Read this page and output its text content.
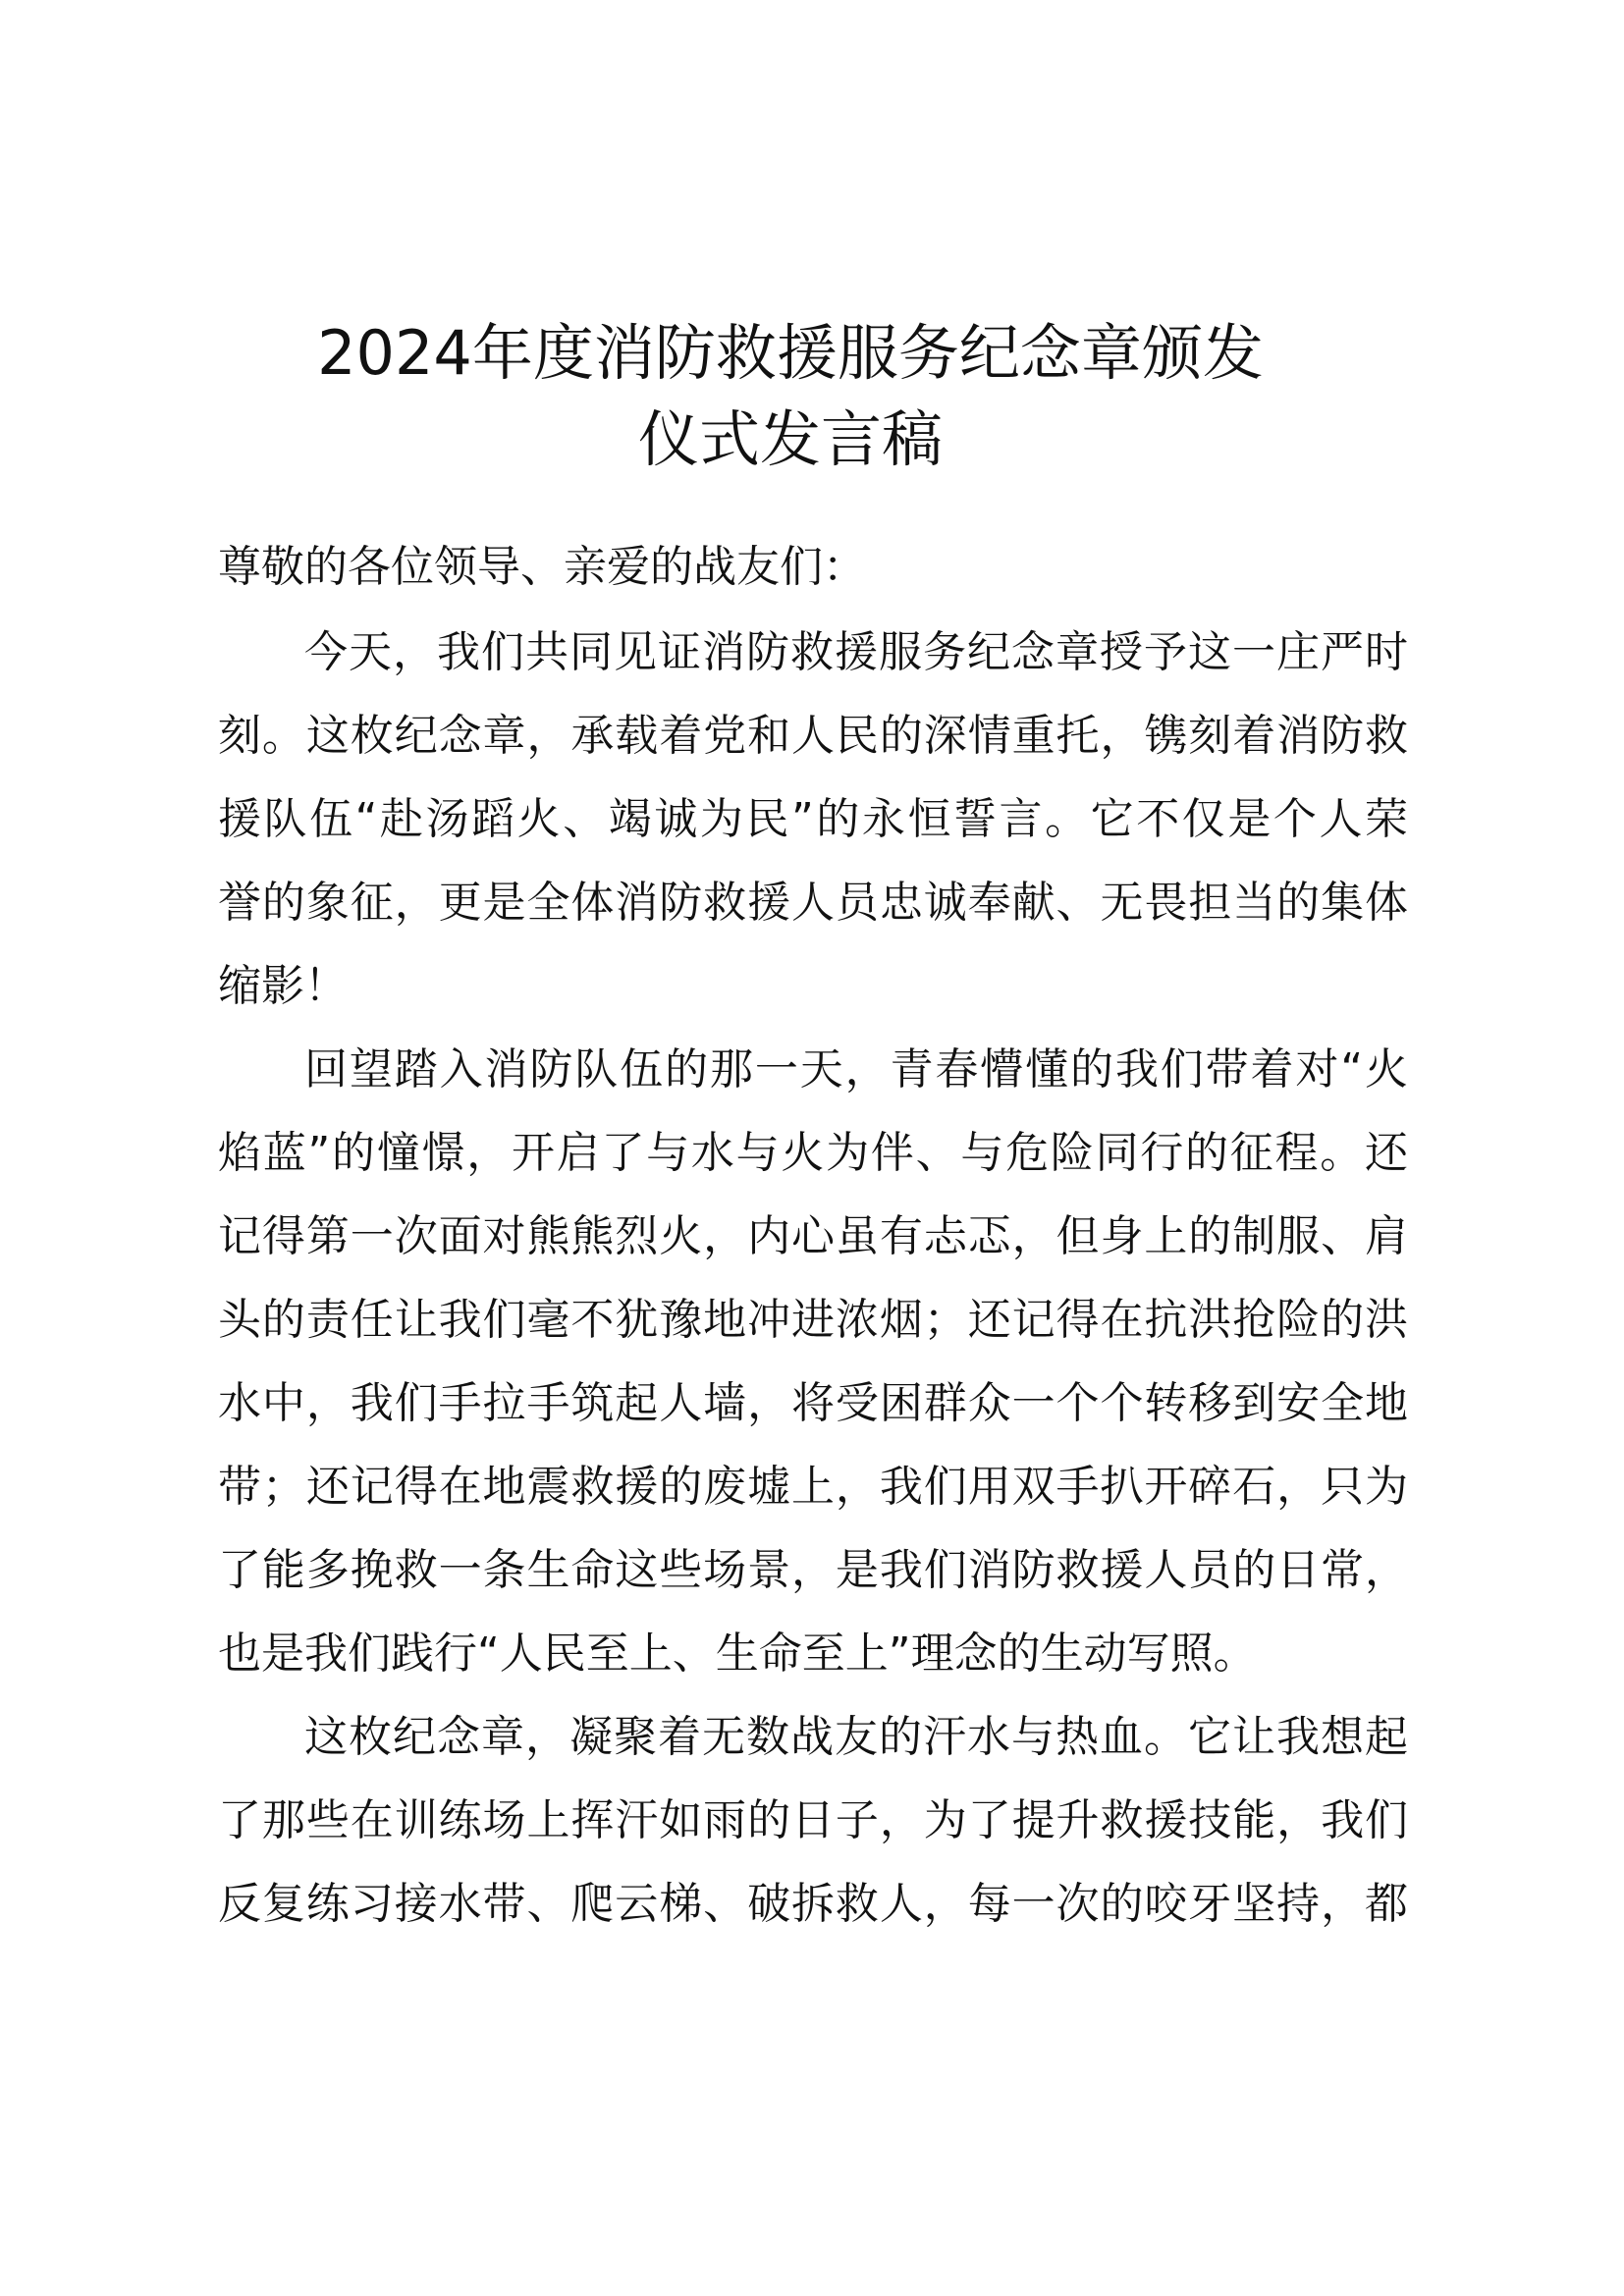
2024年度消防救援服务纪念章颁发
仪式发言稿

尊敬的各位领导、亲爱的战友们：

今天，我们共同见证消防救援服务纪念章授予这一庄严时

刻。这枚纪念章，承载着党和人民的深情重托，镌刻着消防救

援队伍“赴汤蹈火、竭诚为民”的永恒誓言。它不仅是个人荣

誉的象征，更是全体消防救援人员忠诚奉献、无畏担当的集体

缩影！

回望踏入消防队伍的那一天，青春懵懂的我们带着对“火

焰蓝”的憧憬，开启了与水与火为伴、与危险同行的征程。还

记得第一次面对熊熊烈火，内心虽有忐忑，但身上的制服、肩

头的责任让我们毫不犹豫地冲进浓烟；还记得在抗洪抢险的洪

水中，我们手拉手筑起人墙，将受困群众一个个转移到安全地

带；还记得在地震救援的废墟上，我们用双手扒开碎石，只为

了能多挽救一条生命这些场景，是我们消防救援人员的日常，

也是我们践行“人民至上、生命至上”理念的生动写照。

这枚纪念章，凝聚着无数战友的汗水与热血。它让我想起

了那些在训练场上挥汗如雨的日子，为了提升救援技能，我们

反复练习接水带、爬云梯、破拆救人，每一次的咬牙坚持，都
